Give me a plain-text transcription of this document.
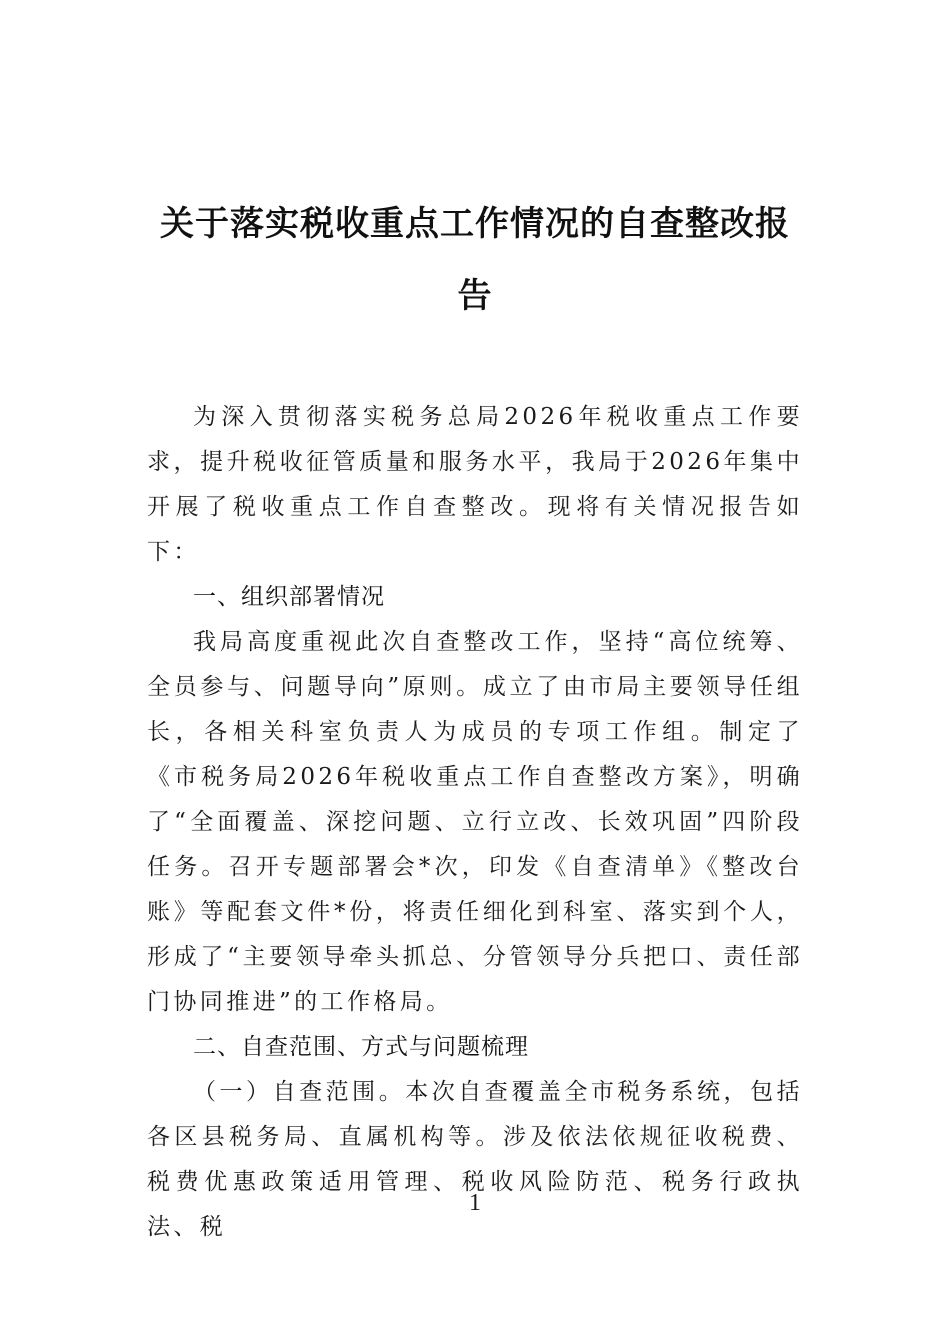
关于落实税收重点工作情况的自查整改报告

为深入贯彻落实税务总局2026年税收重点工作要求，提升税收征管质量和服务水平，我局于2026年集中开展了税收重点工作自查整改。现将有关情况报告如下：

一、组织部署情况

我局高度重视此次自查整改工作，坚持“高位统筹、全员参与、问题导向”原则。成立了由市局主要领导任组长，各相关科室负责人为成员的专项工作组。制定了《市税务局2026年税收重点工作自查整改方案》，明确了“全面覆盖、深挖问题、立行立改、长效巩固”四阶段任务。召开专题部署会*次，印发《自查清单》《整改台账》等配套文件*份，将责任细化到科室、落实到个人，形成了“主要领导牵头抓总、分管领导分兵把口、责任部门协同推进”的工作格局。

二、自查范围、方式与问题梳理

（一）自查范围。本次自查覆盖全市税务系统，包括各区县税务局、直属机构等。涉及依法依规征收税费、税费优惠政策适用管理、税收风险防范、税务行政执法、税

1
